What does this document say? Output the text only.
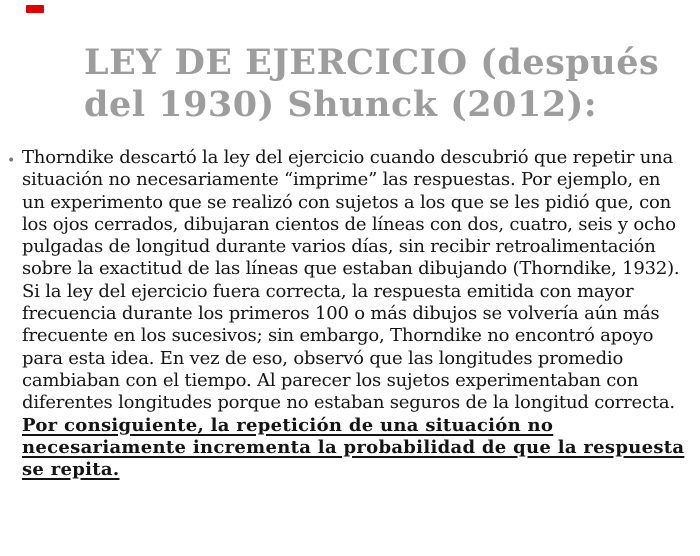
LEY DE EJERCICIO (después
del 1930) Shunck (2012):
• Thorndike descartó la ley del ejercicio cuando descubrió que repetir una
situación no necesariamente “imprime” las respuestas. Por ejemplo, en
un experimento que se realizó con sujetos a los que se les pidió que, con
los ojos cerrados, dibujaran cientos de líneas con dos, cuatro, seis y ocho
pulgadas de longitud durante varios días, sin recibir retroalimentación
sobre la exactitud de las líneas que estaban dibujando (Thorndike, 1932).
Si la ley del ejercicio fuera correcta, la respuesta emitida con mayor
frecuencia durante los primeros 100 o más dibujos se volvería aún más
frecuente en los sucesivos; sin embargo, Thorndike no encontró apoyo
para esta idea. En vez de eso, observó que las longitudes promedio
cambiaban con el tiempo. Al parecer los sujetos experimentaban con
diferentes longitudes porque no estaban seguros de la longitud correcta.
Por consiguiente, la repetición de una situación no
necesariamente incrementa la probabilidad de que la respuesta
se repita.
